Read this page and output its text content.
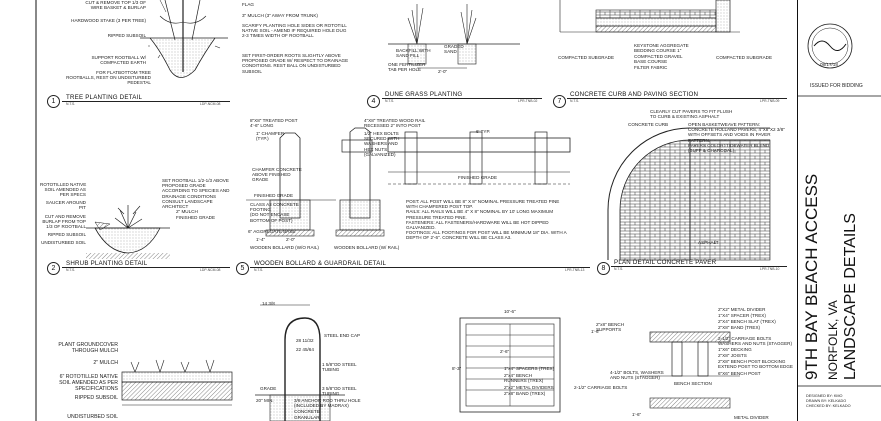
1
TREE PLANTING DETAIL
N.T.S.	LDP-NCM-08
2
SHRUB PLANTING DETAIL
N.T.S.	LDP-NCM-08
4
DUNE GRASS PLANTING
N.T.S.	LPR-TNB-02
5
WOODEN BOLLARD & GUARDRAIL DETAIL
N.T.S.	LPR-TNB-13
7
CONCRETE CURB AND PAVING SECTION
N.T.S.	LPR-TNB-09
8
PLAN DETAIL CONCRETE PAVER
N.T.S.	LPR-TNB-10
CUT & REMOVE TOP 1/3 OF
WIRE BASKET & BURLAP
HARDWOOD STAKE (3 PER TREE)
RIPPED SUBSOIL
SUPPORT ROOTBALL W/
COMPACTED EARTH
FOR FLATBOTTOM TREE
ROOTBALLS, REST ON UNDISTURBED
PEDESTAL
FLAG
3" MULCH (3" AWAY FROM TRUNK)
SCARIFY PLANTING HOLE SIDES OR ROTOTILL
NATIVE SOIL - AMEND IF REQUIRED HOLE DUG
2-3 TIMES WIDTH OF ROOTBALL
SET FIRST-ORDER ROOTS SLIGHTLY ABOVE
PROPOSED GRADE W/ RESPECT TO DRAINAGE
CONDITIONS. REST BALL ON UNDISTURBED
SUBSOIL
ROTOTILLED NATIVE
SOIL AMENDED AS
PER SPECS
SAUCER AROUND
PIT
CUT AND REMOVE
BURLAP FROM TOP
1/3 OF ROOTBALL
RIPPED SUBSOIL
UNDISTURBED SOIL
SET ROOTBALL 1/2-1/3 ABOVE
PROPOSED GRADE
ACCORDING TO SPECIES AND
DRAINAGE CONDITIONS
CONSULT LANDSCAPE
ARCHITECT
2" MULCH
FINISHED GRADE
BACKFILL WITH
SAND FILL
ONE FERTILIZER
TAB PER HOLE
GRADED
SAND
2'-0"
COMPACTED SUBGRADE
KEYSTONE AGGREGATE
BEDDING COURSE 1"
COMPACTED GRAVEL
BASE COURSE
FILTER FABRIC
COMPACTED SUBGRADE
8"X8" TREATED POST
4'-6" LONG
1" CHAMFER
(TYP.)
CHAMFER CONCRETE
ABOVE FINISHED
GRADE
FINISHED GRADE
CLASS A3 CONCRETE
FOOTING
(DO NOT ENCASE
BOTTOM OF POST)
6" AGGREGATE BASE
4"X8" TREATED WOOD RAIL
RECESSED 2" INTO POST
1/2" HEX BOLTS
SECURED WITH
WASHERS AND
HEX NUTS
(GALVANIZED)
6' TYP.
FINISHED GRADE
WOODEN BOLLARD (W/O RAIL)	WOODEN BOLLARD (W/ RAIL)
1'-4"	2'-0"
POST: ALL POST WILL BE 8" X 8" NOMINAL PRESSURE TREATED PINE
WITH CHAMFERED POST TOP.
RAILS: ALL RAILS WILL BE 4" X 8" NOMINAL BY 10' LONG MAXIMUM
PRESSURE TREATED PINE.
FASTENERS: ALL FASTENERS/HARDWARE WILL BE HOT DIPPED
GALVANIZED.
FOOTINGS: ALL FOOTINGS FOR POST WILL BE MINIMUM 18" DIA. WITH A
DEPTH OF 2'-6". CONCRETE WILL BE CLASS A3.
CONCRETE CURB
CLEARLY CUT PAVERS TO FIT FLUSH
TO CURB & EXISTING ASPHALT
OPEN BASKETWEAVE PATTERN:
CONCRETE HOLLAND PAVERS, 4"X8"X2 3/8"
WITH OFFSETS AND VOIDS IN PAVER
PATTERN.
PAVERS COLOR: TIDEWATER BLEND
(BUFF & CHARCOAL)
ASPHALT
PLANT GROUNDCOVER
THROUGH MULCH
2" MULCH
6" ROTOTILLED NATIVE
SOIL AMENDED AS PER
SPECIFICATIONS
RIPPED SUBSOIL
UNDISTURBED SOIL
STEEL END CAP
1 5/8"OD STEEL
TUBING
3 5/8"OD STEEL
TUBING
GRADE
3/8 ANCHOR ROD THRU HOLE
(INCLUDED BY MADRAX)
CONCRETE
GRANULAR
14 3/8
28 11/32
22 45/64
20" MIN.
10'-6"
2'-6"
1'-6"
8'-3"	1"x4" SPACERS (TREX)
2"x4" BENCH
RUNNERS (TREX)
2"x2" METAL DIVIDERS
2"x8" BAND (TREX)
2-1/2" CARRIAGE BOLTS
2"x8" BENCH
SUPPORTS
4-1/2" BOLTS, WASHERS
AND NUTS (STAGGER)
BENCH SECTION
1'-6"
2"X2" METAL DIVIDER
1"X4" SPACER (TREX)
2"X4" BENCH SLAT (TREX)
2"X8" BAND (TREX)
2-1/2" CARRIAGE BOLTS
WASHERS AND NUTS (STAGGER)
1"X6" DECKING
2"X8" JOISTS
2"X8" BENCH POST BLOCKING
EXTEND POST TO BOTTOM EDGE
6"X6" BENCH POST
METAL DIVIDER
08/17/18
ISSUED FOR BIDDING
9TH BAY BEACH ACCESS NORFOLK, VA LANDSCAPE DETAILS
DESIGNED BY: KMO
DRAWN BY: KELKADO
CHECKED BY: KELKADO
